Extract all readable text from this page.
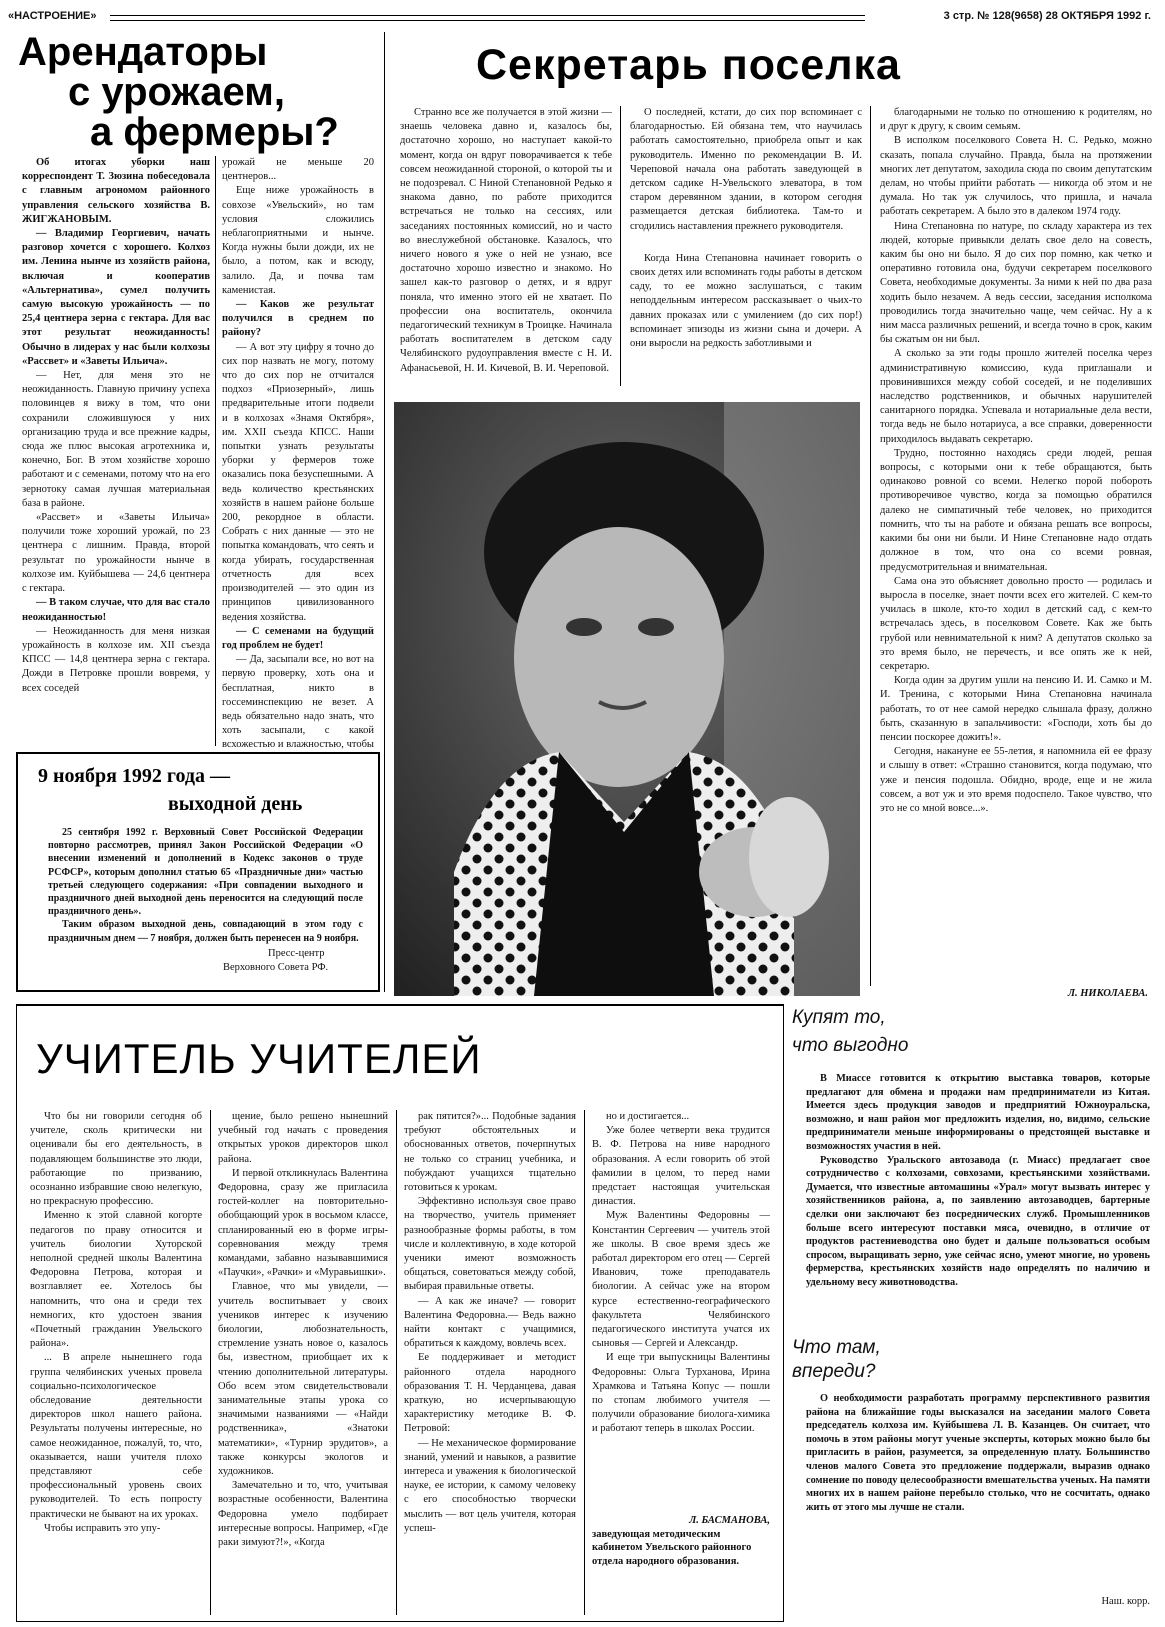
«НАСТРОЕНИЕ»	3 стр. № 128(9658) 28 ОКТЯБРЯ 1992 г.
Арендаторы
с урожаем,
а фермеры?

Об итогах уборки наш корреспондент Т. Зюзина побеседовала с главным агрономом районного управления сельского хозяйства В. ЖИГЖАНОВЫМ.

— Владимир Георгиевич, начать разговор хочется с хорошего. Колхоз им. Ленина нынче из хозяйств района, включая и кооператив «Альтернатива», сумел получить самую высокую урожайность — по 25,4 центнера зерна с гектара. Для вас этот результат неожиданность! Обычно в лидерах у нас были колхозы «Рассвет» и «Заветы Ильича».

— Нет, для меня это не неожиданность. Главную причину успеха половинцев я вижу в том, что они сохранили сложившуюся у них организацию труда и все прежние кадры, сюда же плюс высокая агротехника и, конечно, Бог. В этом хозяйстве хорошо работают и с семенами, потому что на его зернотоку самая лучшая материальная база в районе.

«Рассвет» и «Заветы Ильича» получили тоже хороший урожай, по 23 центнера с лишним. Правда, второй результат по урожайности нынче в колхозе им. Куйбышева — 24,6 центнера с гектара.

— В таком случае, что для вас стало неожиданностью!

— Неожиданность для меня низкая урожайность в колхозе им. XII съезда КПСС — 14,8 центнера зерна с гектара. Дожди в Петровке прошли вовремя, у всех соседей

урожай не меньше 20 центнеров...

Еще ниже урожайность в совхозе «Увельский», но там условия сложились неблагоприятными и нынче. Когда нужны были дожди, их не было, а потом, как и всюду, залило. Да, и почва там каменистая.

— Каков же результат получился в среднем по району?

— А вот эту цифру я точно до сих пор назвать не могу, потому что до сих пор не отчитался подхоз «Приозерный», лишь предварительные итоги подвели и в колхозах «Знамя Октября», им. XXII съезда КПСС. Наши попытки узнать результаты уборки у фермеров тоже оказались пока безуспешными. А ведь количество крестьянских хозяйств в нашем районе больше 200, рекордное в области. Собрать с них данные — это не попытка командовать, что сеять и когда убирать, государственная отчетность для всех производителей — это один из принципов цивилизованного ведения хозяйства.

— С семенами на будущий год проблем не будет!

— Да, засыпали все, но вот на первую проверку, хоть она и бесплатная, никто в госсеминспекцию не везет. А ведь обязательно надо знать, что хоть засыпали, с какой всхожестью и влажностью, чтобы

9 ноября 1992 года —
выходной день

25 сентября 1992 г. Верховный Совет Российской Федерации повторно рассмотрев, принял Закон Российской Федерации «О внесении изменений и дополнений в Кодекс законов о труде РСФСР», которым дополнил статью 65 «Праздничные дни» частью третьей следующего содержания: «При совпадении выходного и праздничного дней выходной день переносится на следующий после праздничного день».

Таким образом выходной день, совпадающий в этом году с праздничным днем — 7 ноября, должен быть перенесен на 9 ноября.

Пресс-центр
Верховного Совета РФ.
Секретарь поселка

Странно все же получается в этой жизни — знаешь человека давно и, казалось бы, достаточно хорошо, но наступает какой-то момент, когда он вдруг поворачивается к тебе совсем неожиданной стороной, о которой ты и не подозревал. С Ниной Степановной Редько я знакома давно, по работе приходится встречаться не только на сессиях, или заседаниях постоянных комиссий, но и часто во внеслужебной обстановке. Казалось, что ничего нового я уже о ней не узнаю, все достаточно хорошо известно и знакомо. Но зашел как-то разговор о детях, и я вдруг поняла, что именно этого ей не хватает. По профессии она воспитатель, окончила педагогический техникум в Троицке. Начинала работать воспитателем в детском саду Челябинского рудоуправления вместе с Н. И. Афанасьевой, Н. И. Кичевой, В. И. Череповой.

О последней, кстати, до сих пор вспоминает с благодарностью. Ей обязана тем, что научилась работать самостоятельно, приобрела опыт и как руководитель. Именно по рекомендации В. И. Череповой начала она работать заведующей в детском садике Н-Увельского элеватора, в том старом деревянном здании, в котором сегодня размещается детская библиотека. Там-то и сгодились наставления прежнего руководителя.

Когда Нина Степановна начинает говорить о своих детях или вспоминать годы работы в детском саду, то ее можно заслушаться, с таким неподдельным интересом рассказывает о чьих-то давних проказах или с умилением (до сих пор!) вспоминает эпизоды из жизни сына и дочери. А они выросли на редкость заботливыми и

благодарными не только по отношению к родителям, но и друг к другу, к своим семьям.

В исполком поселкового Совета Н. С. Редько, можно сказать, попала случайно. Правда, была на протяжении многих лет депутатом, заходила сюда по своим депутатским делам, но чтобы прийти работать — никогда об этом и не думала. Но так уж случилось, что пришла, и начала работать секретарем. А было это в далеком 1974 году.

Нина Степановна по натуре, по складу характера из тех людей, которые привыкли делать свое дело на совесть, каким бы оно ни было. Я до сих пор помню, как четко и оперативно готовила она, будучи секретарем поселкового Совета, необходимые документы. За ними к ней по два раза ходить было незачем. А ведь сессии, заседания исполкома проводились тогда значительно чаще, чем сейчас. Ну а к ним масса различных решений, и всегда точно в срок, каким бы сжатым он ни был.

А сколько за эти годы прошло жителей поселка через административную комиссию, куда приглашали и провинившихся между собой соседей, и не поделивших наследство родственников, и обычных нарушителей санитарного порядка. Успевала и нотариальные дела вести, тогда ведь не было нотариуса, а все справки, доверенности приходилось выдавать секретарю.

Трудно, постоянно находясь среди людей, решая вопросы, с которыми они к тебе обращаются, быть одинаково ровной со всеми. Нелегко порой побороть противоречивое чувство, когда за помощью обратился далеко не симпатичный тебе человек, но приходится помнить, что ты на работе и обязана решать все вопросы, какими бы они ни были. И Нине Степановне надо отдать должное в том, что она со всеми ровная, предусмотрительная и внимательная.

Сама она это объясняет довольно просто — родилась и выросла в поселке, знает почти всех его жителей. С кем-то училась в школе, кто-то ходил в детский сад, с кем-то встречалась здесь, в поселковом Совете. Как же быть грубой или невнимательной к ним? А депутатов сколько за это время было, не перечесть, и все опять же к ней, секретарю.

Когда один за другим ушли на пенсию И. И. Самко и М. И. Тренина, с которыми Нина Степановна начинала работать, то от нее самой нередко слышала фразу, должно быть, сказанную в запальчивости: «Господи, хоть бы до пенсии поскорее дожить!».

Сегодня, накануне ее 55-летия, я напомнила ей ее фразу и слышу в ответ: «Страшно становится, когда подумаю, что уже и пенсия подошла. Обидно, вроде, еще и не жила совсем, а вот уж и это время подоспело. Такое чувство, что это не со мной вовсе...».

Л. НИКОЛАЕВА.
УЧИТЕЛЬ УЧИТЕЛЕЙ

Что бы ни говорили сегодня об учителе, сколь критически ни оценивали бы его деятельность, в подавляющем большинстве это люди, работающие по призванию, осознанно избравшие свою нелегкую, но прекрасную профессию.

Именно к этой славной когорте педагогов по праву относится и учитель биологии Хуторской неполной средней школы Валентина Федоровна Петрова, которая и возглавляет ее. Хотелось бы напомнить, что она и среди тех немногих, кто удостоен звания «Почетный гражданин Увельского района».

... В апреле нынешнего года группа челябинских ученых провела социально-психологическое обследование деятельности директоров школ нашего района. Результаты получены интересные, но самое неожиданное, пожалуй, то, что, оказывается, наши учителя плохо представляют себе профессиональный уровень своих руководителей. То есть попросту практически не бывают на их уроках.

Чтобы исправить это упу-

щение, было решено нынешний учебный год начать с проведения открытых уроков директоров школ района.

И первой откликнулась Валентина Федоровна, сразу же пригласила гостей-коллег на повторительно-обобщающий урок в восьмом классе, спланированный ею в форме игры-соревнования между тремя командами, забавно называвшимися «Паучки», «Рачки» и «Муравьишки».

Главное, что мы увидели, — учитель воспитывает у своих учеников интерес к изучению биологии, любознательность, стремление узнать новое о, казалось бы, известном, приобщает их к чтению дополнительной литературы. Обо всем этом свидетельствовали занимательные этапы урока со значимыми названиями — «Найди родственника», «Знатоки математики», «Турнир эрудитов», а также конкурсы экологов и художников.

Замечательно и то, что, учитывая возрастные особенности, Валентина Федоровна умело подбирает интересные вопросы. Например, «Где раки зимуют?!», «Когда

рак пятится?»... Подобные задания требуют обстоятельных и обоснованных ответов, почерпнутых не только со страниц учебника, и побуждают учащихся тщательно готовиться к урокам.

Эффективно используя свое право на творчество, учитель применяет разнообразные формы работы, в том числе и коллективную, в ходе которой ученики имеют возможность общаться, советоваться между собой, выбирая правильные ответы.

— А как же иначе? — говорит Валентина Федоровна.— Ведь важно найти контакт с учащимися, обратиться к каждому, вовлечь всех.

Ее поддерживает и методист районного отдела народного образования Т. Н. Черданцева, давая краткую, но исчерпывающую характеристику методике В. Ф. Петровой:

— Не механическое формирование знаний, умений и навыков, а развитие интереса и уважения к биологической науке, ее истории, к самому человеку с его способностью творчески мыслить — вот цель учителя, которая успеш-

но и достигается...

Уже более четверти века трудится В. Ф. Петрова на ниве народного образования. А если говорить об этой фамилии в целом, то перед нами предстает настоящая учительская династия.

Муж Валентины Федоровны — Константин Сергеевич — учитель этой же школы. В свое время здесь же работал директором его отец — Сергей Иванович, тоже преподаватель биологии. А сейчас уже на втором курсе естественно-географического факультета Челябинского педагогического института учатся их сыновья — Сергей и Александр.

И еще три выпускницы Валентины Федоровны: Ольга Турханова, Ирина Храмкова и Татьяна Копус — пошли по стопам любимого учителя — получили образование биолога-химика и работают теперь в школах России.

Л. БАСМАНОВА,
заведующая методическим кабинетом Увельского районного отдела народного образования.
Купят то,
что выгодно

В Миассе готовится к открытию выставка товаров, которые предлагают для обмена и продажи нам предприниматели из Китая. Имеется здесь продукция заводов и предприятий Южноуральска, возможно, и наш район мог предложить изделия, но, видимо, сельские предприниматели меньше информированы о предстоящей выставке и возможностях участия в ней.

Руководство Уральского автозавода (г. Миасс) предлагает свое сотрудничество с колхозами, совхозами, крестьянскими хозяйствами. Думается, что известные автомашины «Урал» могут вызвать интерес у хозяйственников района, а, по заявлению автозаводцев, бартерные сделки они заключают без посреднических служб. Промышленников больше всего интересуют поставки мяса, очевидно, в отличие от продуктов растениеводства оно будет и дальше пользоваться особым спросом, выращивать зерно, уже сейчас ясно, умеют многие, но уровень фермерства, крестьянских хозяйств надо определять по наличию и удельному весу животноводства.

Что там,
впереди?

О необходимости разработать программу перспективного развития района на ближайшие годы высказался на заседании малого Совета председатель колхоза им. Куйбышева Л. В. Казанцев. Он считает, что помочь в этом районы могут ученые эксперты, которых можно было бы пригласить в район, разумеется, за определенную плату. Большинство членов малого Совета это предложение поддержали, выразив однако сомнение по поводу целесообразности вмешательства ученых. На памяти многих их в нашем районе перебыло столько, что не сосчитать, однако жить от этого мы лучше не стали.

Наш. корр.
